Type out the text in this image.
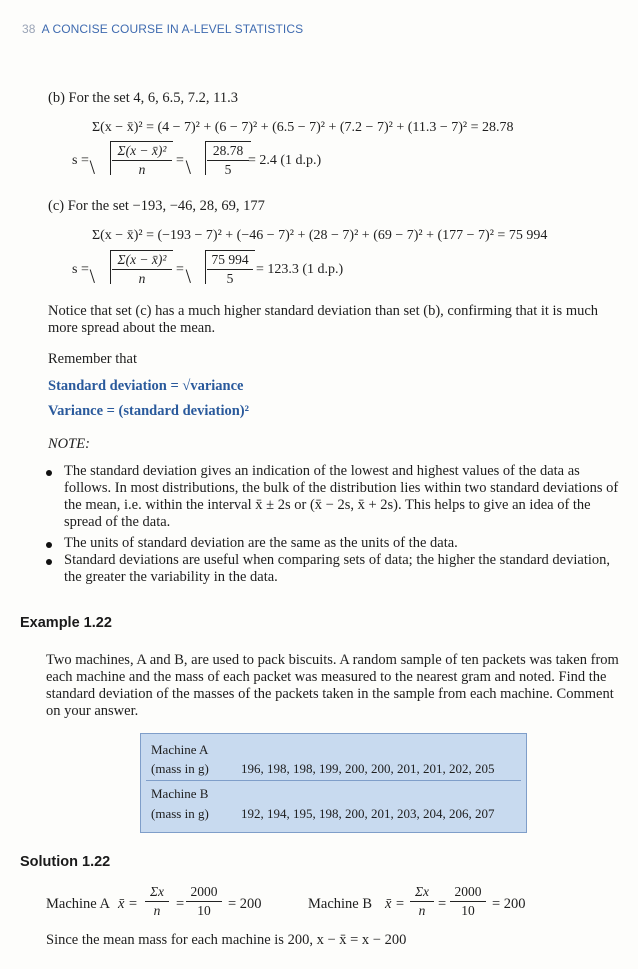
38 A CONCISE COURSE IN A-LEVEL STATISTICS
(b) For the set 4, 6, 6.5, 7.2, 11.3
Σ(x − x̄)² = (4 − 7)² + (6 − 7)² + (6.5 − 7)² + (7.2 − 7)² + (11.3 − 7)² = 28.78
s =
Σ(x − x̄)²
n
=
28.78
5
= 2.4 (1 d.p.)
(c) For the set −193, −46, 28, 69, 177
Σ(x − x̄)² = (−193 − 7)² + (−46 − 7)² + (28 − 7)² + (69 − 7)² + (177 − 7)² = 75 994
s =
Σ(x − x̄)²
n
=
75 994
5
= 123.3 (1 d.p.)
Notice that set (c) has a much higher standard deviation than set (b), confirming that it is much more spread about the mean.
Remember that
Standard deviation = √variance
Variance = (standard deviation)²
NOTE:
The standard deviation gives an indication of the lowest and highest values of the data as follows. In most distributions, the bulk of the distribution lies within two standard deviations of the mean, i.e. within the interval x̄ ± 2s or (x̄ − 2s, x̄ + 2s). This helps to give an idea of the spread of the data.
The units of standard deviation are the same as the units of the data.
Standard deviations are useful when comparing sets of data; the higher the standard deviation, the greater the variability in the data.
Example 1.22
Two machines, A and B, are used to pack biscuits. A random sample of ten packets was taken from each machine and the mass of each packet was measured to the nearest gram and noted. Find the standard deviation of the masses of the packets taken in the sample from each machine. Comment on your answer.
Machine A
(mass in g) 196, 198, 198, 199, 200, 200, 201, 201, 202, 205
Machine B
(mass in g) 192, 194, 195, 198, 200, 201, 203, 204, 206, 207
Solution 1.22
Machine A x̄ =
Σx
n	=
2000
10	= 200	Machine B x̄ =
Σx
n =
2000
10	= 200
Since the mean mass for each machine is 200, x − x̄ = x − 200
